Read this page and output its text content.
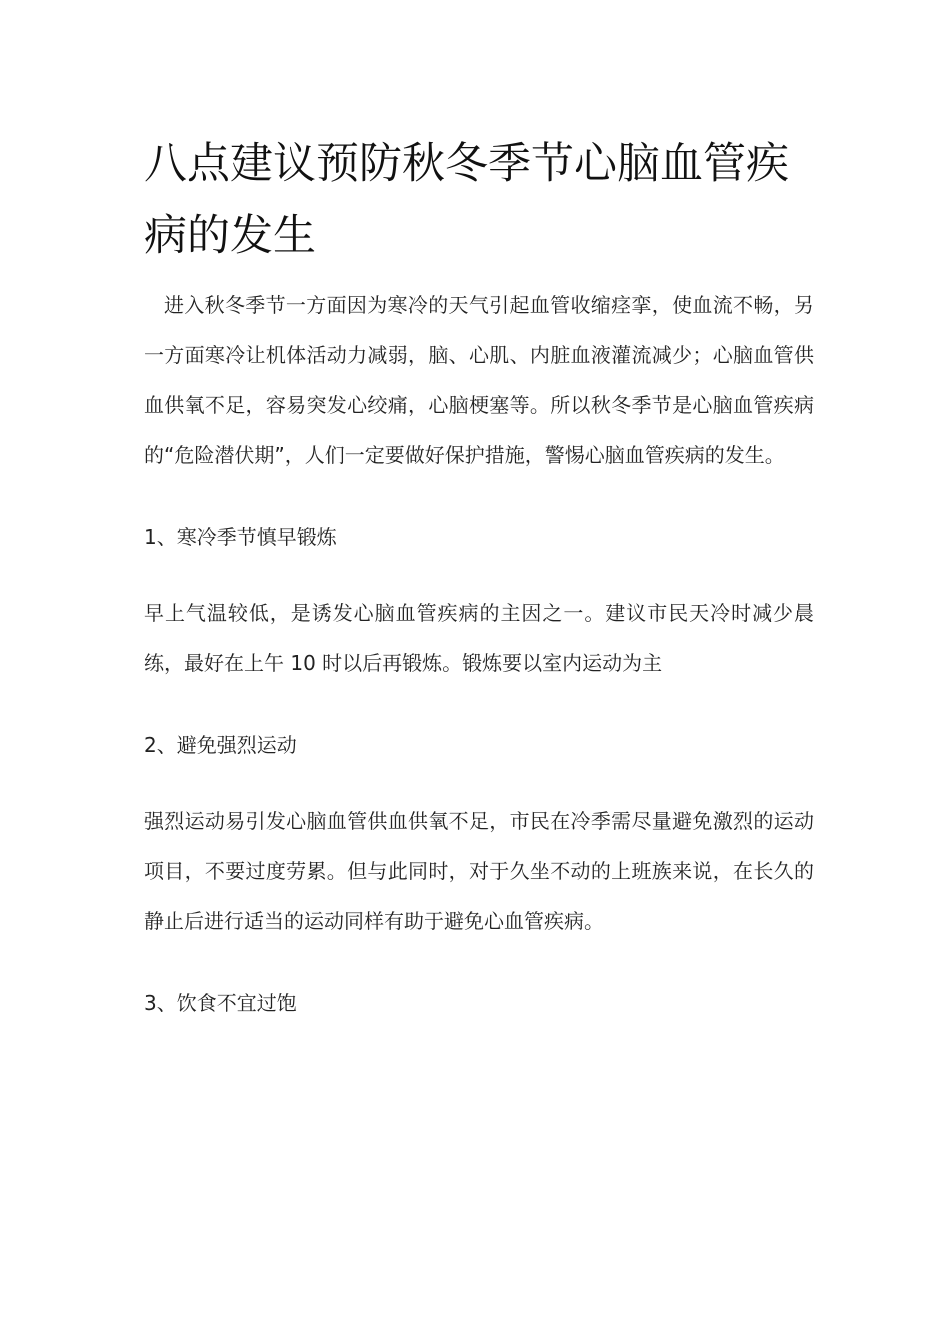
八点建议预防秋冬季节心脑血管疾病的发生

进入秋冬季节一方面因为寒冷的天气引起血管收缩痉挛，使血流不畅，另一方面寒冷让机体活动力减弱，脑、心肌、内脏血液灌流减少；心脑血管供血供氧不足，容易突发心绞痛，心脑梗塞等。所以秋冬季节是心脑血管疾病的“危险潜伏期”，人们一定要做好保护措施，警惕心脑血管疾病的发生。

1、寒冷季节慎早锻炼

早上气温较低，是诱发心脑血管疾病的主因之一。建议市民天冷时减少晨练，最好在上午 10 时以后再锻炼。锻炼要以室内运动为主

2、避免强烈运动

强烈运动易引发心脑血管供血供氧不足，市民在冷季需尽量避免激烈的运动项目，不要过度劳累。但与此同时，对于久坐不动的上班族来说，在长久的静止后进行适当的运动同样有助于避免心血管疾病。

3、饮食不宜过饱
